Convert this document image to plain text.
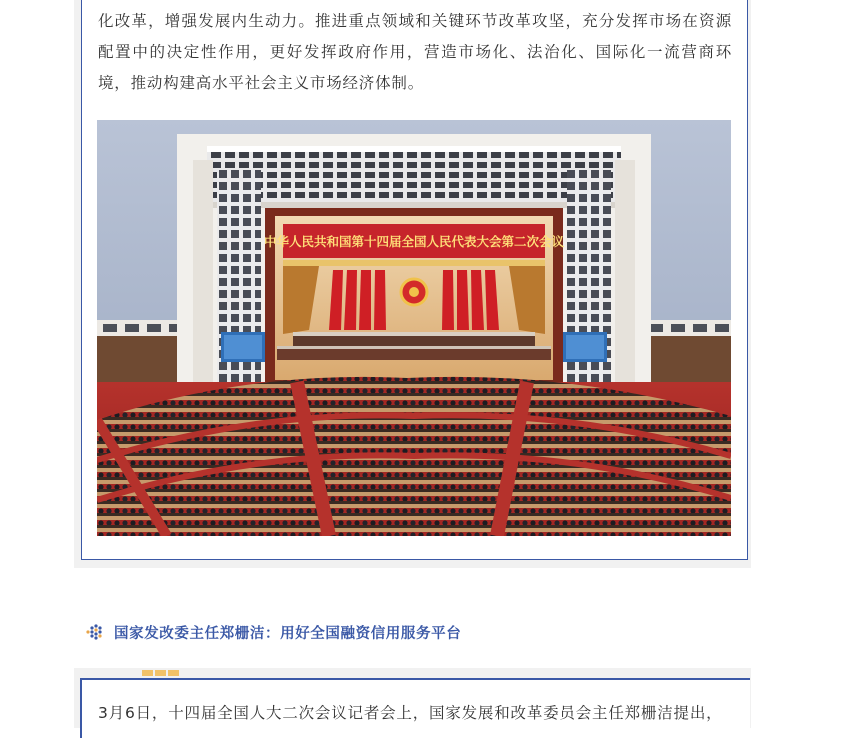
化改革，增强发展内生动力。推进重点领域和关键环节改革攻坚，充分发挥市场在资源配置中的决定性作用，更好发挥政府作用，营造市场化、法治化、国际化一流营商环境，推动构建高水平社会主义市场经济体制。

中华人民共和国第十四届全国人民代表大会第二次会议
国家发改委主任郑栅洁：用好全国融资信用服务平台

3月6日，十四届全国人大二次会议记者会上，国家发展和改革委员会主任郑栅洁提出，
